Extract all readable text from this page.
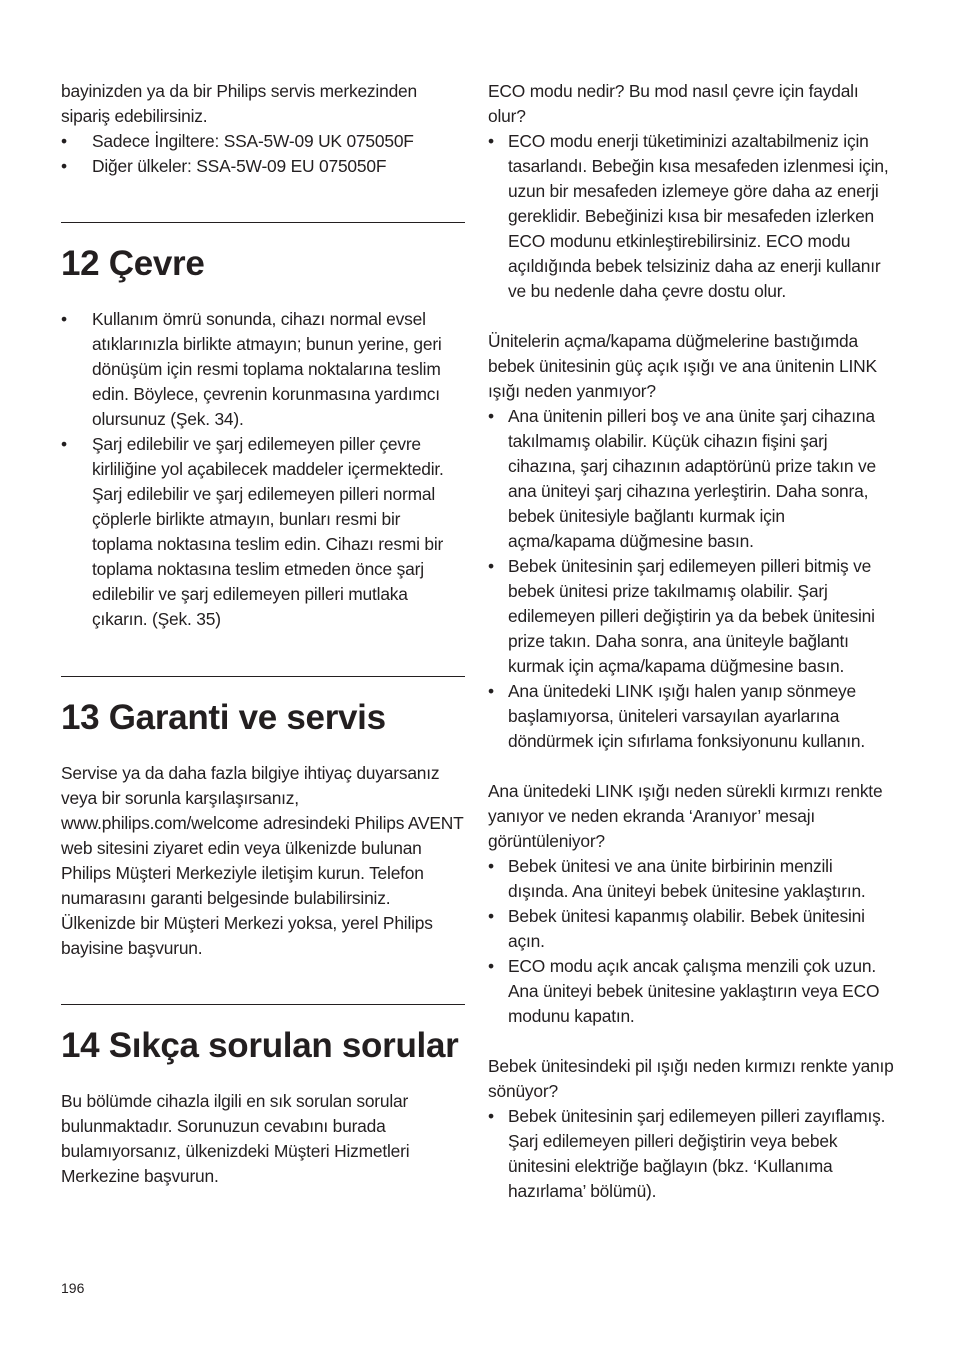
bayinizden ya da bir Philips servis merkezinden sipariş edebilirsiniz.

• Sadece İngiltere: SSA-5W-09 UK 075050F
• Diğer ülkeler: SSA-5W-09 EU 075050F
12 Çevre
• Kullanım ömrü sonunda, cihazı normal evsel atıklarınızla birlikte atmayın; bunun yerine, geri dönüşüm için resmi toplama noktalarına teslim edin. Böylece, çevrenin korunmasına yardımcı olursunuz (Şek. 34).
• Şarj edilebilir ve şarj edilemeyen piller çevre kirliliğine yol açabilecek maddeler içermektedir. Şarj edilebilir ve şarj edilemeyen pilleri normal çöplerle birlikte atmayın, bunları resmi bir toplama noktasına teslim edin. Cihazı resmi bir toplama noktasına teslim etmeden önce şarj edilebilir ve şarj edilemeyen pilleri mutlaka çıkarın. (Şek. 35)
13 Garanti ve servis

Servise ya da daha fazla bilgiye ihtiyaç duyarsanız veya bir sorunla karşılaşırsanız, www.philips.com/welcome adresindeki Philips AVENT web sitesini ziyaret edin veya ülkenizde bulunan Philips Müşteri Merkeziyle iletişim kurun. Telefon numarasını garanti belgesinde bulabilirsiniz. Ülkenizde bir Müşteri Merkezi yoksa, yerel Philips bayisine başvurun.

14 Sıkça sorulan sorular

Bu bölümde cihazla ilgili en sık sorulan sorular bulunmaktadır. Sorunuzun cevabını burada bulamıyorsanız, ülkenizdeki Müşteri Hizmetleri Merkezine başvurun.

ECO modu nedir? Bu mod nasıl çevre için faydalı olur?
• ECO modu enerji tüketiminizi azaltabilmeniz için tasarlandı. Bebeğin kısa mesafeden izlenmesi için, uzun bir mesafeden izlemeye göre daha az enerji gereklidir. Bebeğinizi kısa bir mesafeden izlerken ECO modunu etkinleştirebilirsiniz. ECO modu açıldığında bebek telsiziniz daha az enerji kullanır ve bu nedenle daha çevre dostu olur.
Ünitelerin açma/kapama düğmelerine bastığımda bebek ünitesinin güç açık ışığı ve ana ünitenin LINK ışığı neden yanmıyor?
• Ana ünitenin pilleri boş ve ana ünite şarj cihazına takılmamış olabilir. Küçük cihazın fişini şarj cihazına, şarj cihazının adaptörünü prize takın ve ana üniteyi şarj cihazına yerleştirin. Daha sonra, bebek ünitesiyle bağlantı kurmak için açma/kapama düğmesine basın.
• Bebek ünitesinin şarj edilemeyen pilleri bitmiş ve bebek ünitesi prize takılmamış olabilir. Şarj edilemeyen pilleri değiştirin ya da bebek ünitesini prize takın. Daha sonra, ana üniteyle bağlantı kurmak için açma/kapama düğmesine basın.
• Ana ünitedeki LINK ışığı halen yanıp sönmeye başlamıyorsa, üniteleri varsayılan ayarlarına döndürmek için sıfırlama fonksiyonunu kullanın.
Ana ünitedeki LINK ışığı neden sürekli kırmızı renkte yanıyor ve neden ekranda ‘Aranıyor’ mesajı görüntüleniyor?
• Bebek ünitesi ve ana ünite birbirinin menzili dışında. Ana üniteyi bebek ünitesine yaklaştırın.
• Bebek ünitesi kapanmış olabilir. Bebek ünitesini açın.
• ECO modu açık ancak çalışma menzili çok uzun. Ana üniteyi bebek ünitesine yaklaştırın veya ECO modunu kapatın.
Bebek ünitesindeki pil ışığı neden kırmızı renkte yanıp sönüyor?
• Bebek ünitesinin şarj edilemeyen pilleri zayıflamış. Şarj edilemeyen pilleri değiştirin veya bebek ünitesini elektriğe bağlayın (bkz. ‘Kullanıma hazırlama’ bölümü).
196
